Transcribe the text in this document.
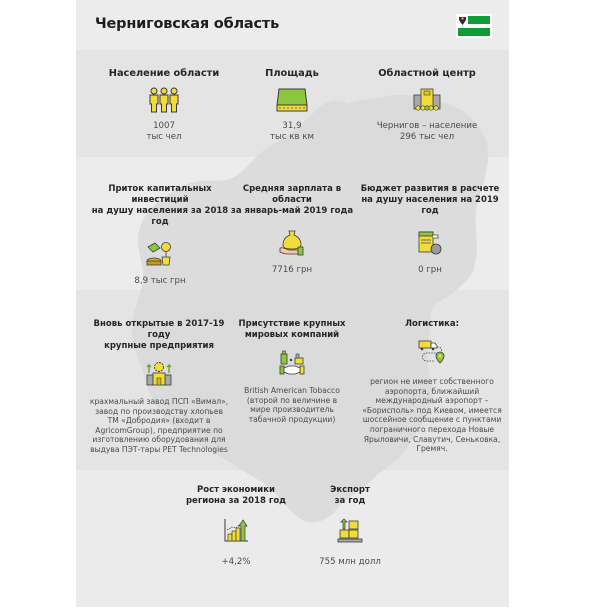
Черниговская область
Население области
1007
тыс чел
Площадь
31,9
тыс кв км
Областной центр
Чернигов – население
296 тыс чел
Приток капитальных инвестиций
на душу населения за 2018 год
8,9 тыс грн
Средняя зарплата в области
за январь-май 2019 года
7716 грн
Бюджет развития в расчете
на душу населения на 2019 год
0 грн
Вновь открытые в 2017-19 году
крупные предприятия
крахмальный завод ПСП «Вимал»,
завод по производству хлопьев
ТМ «Добродия» (входит в
AgricomGroup), предприятие по
изготовлению оборудования для
выдува ПЭТ-тары PET Technologies
Присутствие крупных
мировых компаний
British American Tobacco
(второй по величине в
мире производитель
табачной продукции)
Логистика:
регион не имеет собственного
аэропорта, ближайший
международный аэропорт –
«Борисполь» под Киевом, имеется
шоссейное сообщение с пунктами
пограничного перехода Новые
Ярыловичи, Славутич, Сеньковка,
Гремяч.
Рост экономики
региона за 2018 год
+4,2%
Экспорт
за год
755 млн долл
